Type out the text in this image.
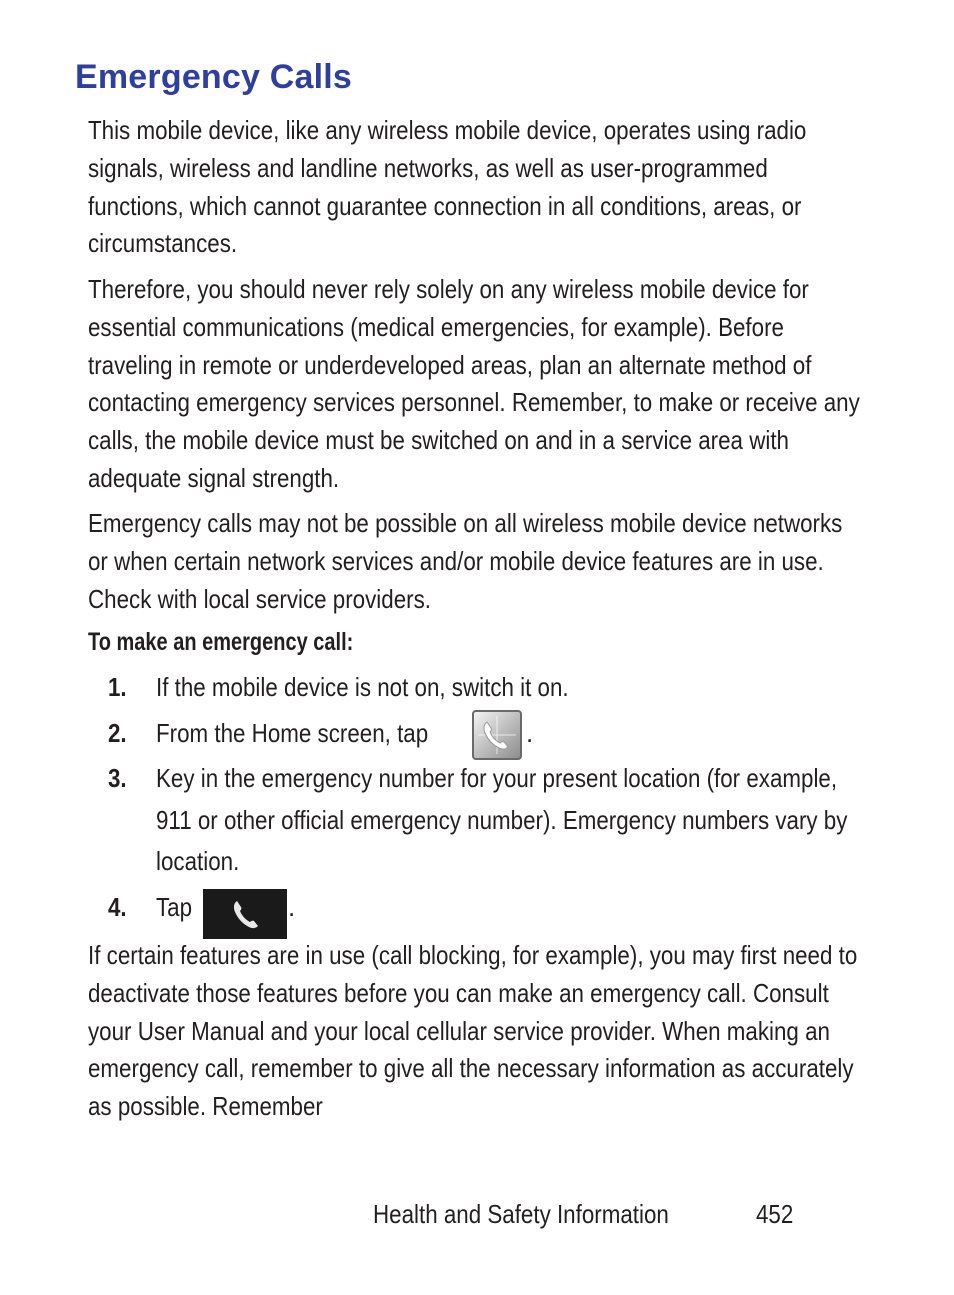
Emergency Calls

This mobile device, like any wireless mobile device, operates using radio signals, wireless and landline networks, as well as user-programmed functions, which cannot guarantee connection in all conditions, areas, or circumstances.

Therefore, you should never rely solely on any wireless mobile device for essential communications (medical emergencies, for example). Before traveling in remote or underdeveloped areas, plan an alternate method of contacting emergency services personnel. Remember, to make or receive any calls, the mobile device must be switched on and in a service area with adequate signal strength.

Emergency calls may not be possible on all wireless mobile device networks or when certain network services and/or mobile device features are in use. Check with local service providers.

To make an emergency call:

1. If the mobile device is not on, switch it on.
2. From the Home screen, tap	.
3. Key in the emergency number for your present location (for example, 911 or other official emergency number). Emergency numbers vary by location.
4. Tap	.

If certain features are in use (call blocking, for example), you may first need to deactivate those features before you can make an emergency call. Consult your User Manual and your local cellular service provider. When making an emergency call, remember to give all the necessary information as accurately as possible. Remember

Health and Safety Information	452
